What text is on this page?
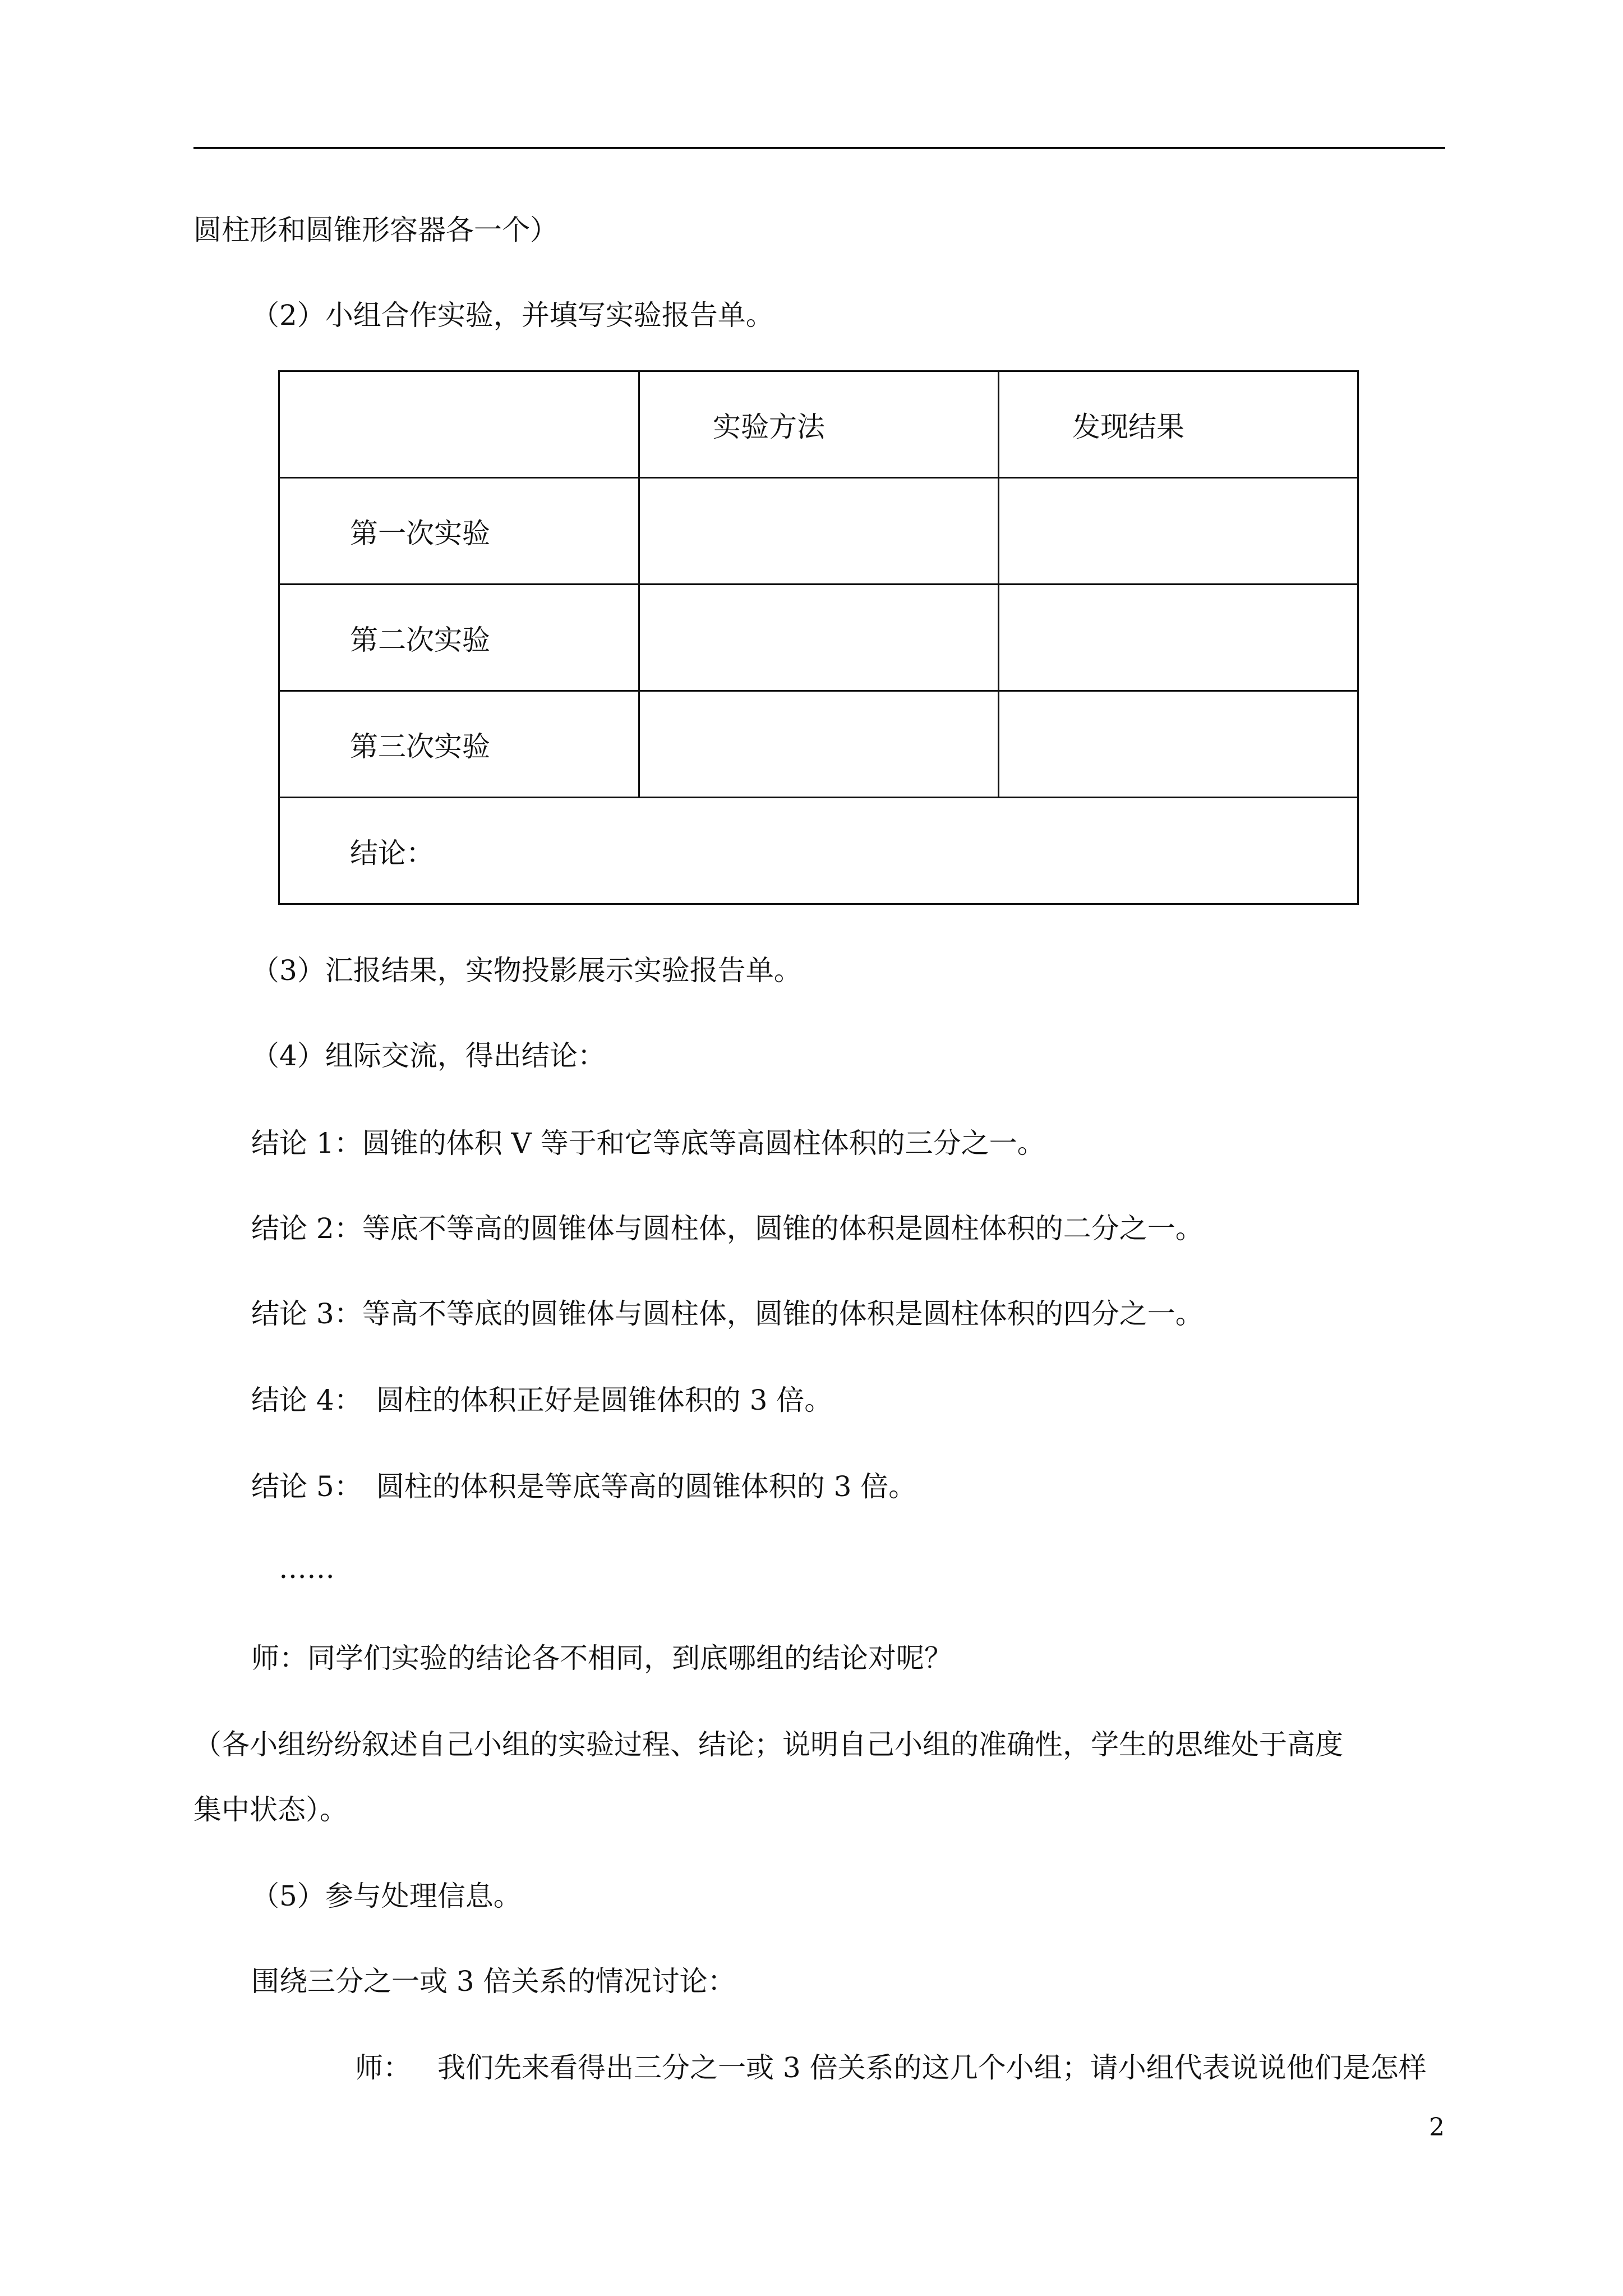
圆柱形和圆锥形容器各一个）
（2）小组合作实验，并填写实验报告单。
	实验方法	发现结果
第一次实验		
第二次实验		
第三次实验		
结论：		
（3）汇报结果，实物投影展示实验报告单。
（4）组际交流，得出结论：
结论 1：圆锥的体积 V 等于和它等底等高圆柱体积的三分之一。
结论 2：等底不等高的圆锥体与圆柱体，圆锥的体积是圆柱体积的二分之一。
结论 3：等高不等底的圆锥体与圆柱体，圆锥的体积是圆柱体积的四分之一。
结论 4：　圆柱的体积正好是圆锥体积的 3 倍。
结论 5：　圆柱的体积是等底等高的圆锥体积的 3 倍。
……
师：同学们实验的结论各不相同，到底哪组的结论对呢？
（各小组纷纷叙述自己小组的实验过程、结论；说明自己小组的准确性，学生的思维处于高度
集中状态）。
（5）参与处理信息。
围绕三分之一或 3 倍关系的情况讨论：
师： 我们先来看得出三分之一或 3 倍关系的这几个小组；请小组代表说说他们是怎样
2
